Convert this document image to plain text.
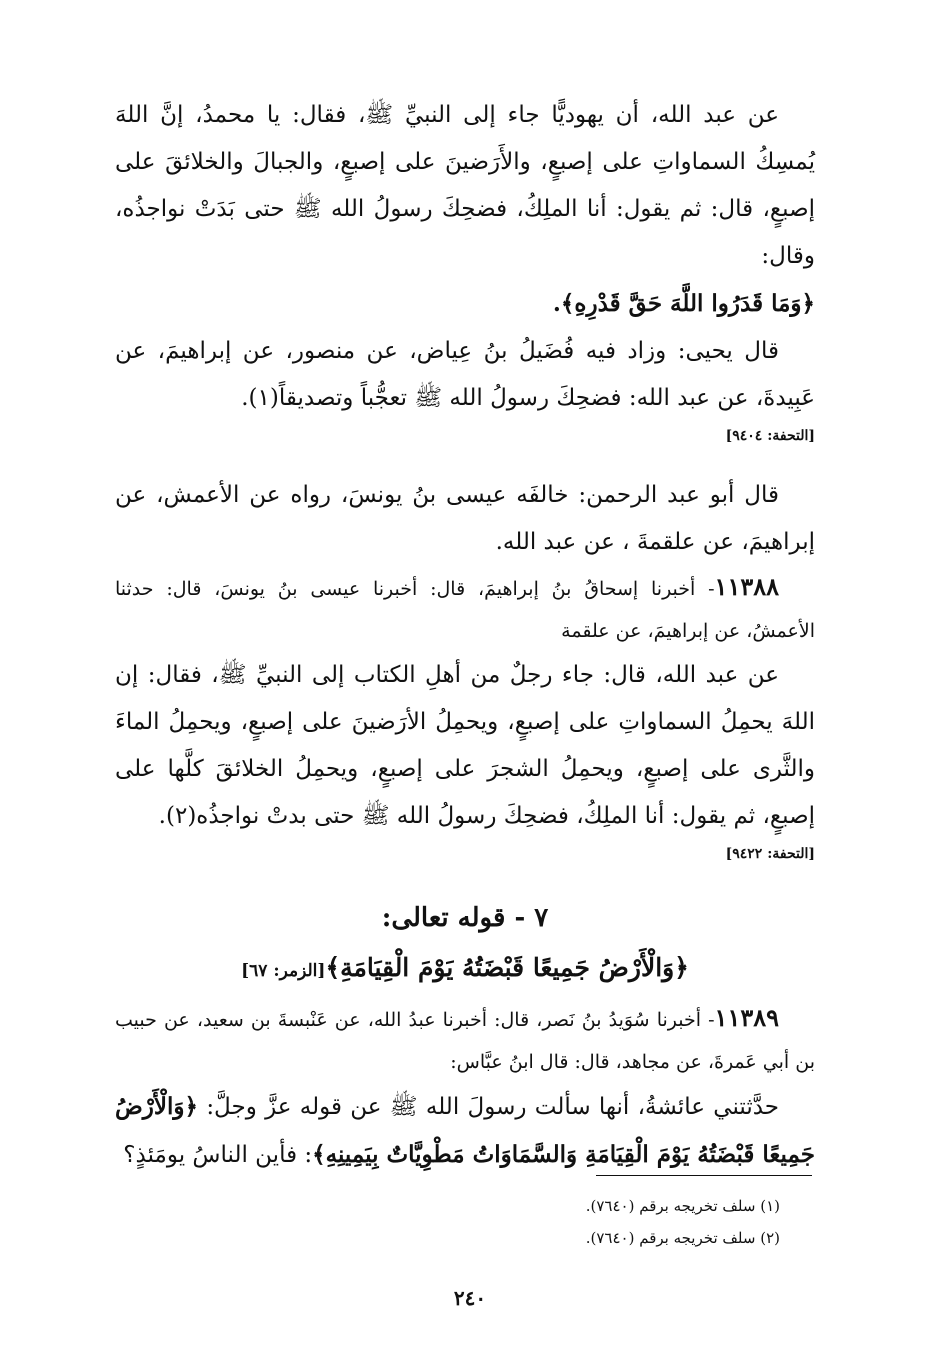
عن عبد الله، أن يهوديًّا جاء إلى النبيِّ ﷺ، فقال: يا محمدُ، إنَّ اللهَ يُمسِكُ السماواتِ على إصبعٍ، والأَرَضينَ على إصبعٍ، والجبالَ والخلائقَ على إصبعٍ، قال: ثم يقول: أنا الملِكُ، فضحِكَ رسولُ الله ﷺ حتى بَدَتْ نواجذُه، وقال:
﴿وَمَا قَدَرُوا اللَّهَ حَقَّ قَدْرِهِ﴾.

قال يحيى: وزاد فيه فُضَيلُ بنُ عِياض، عن منصور، عن إبراهيمَ، عن عَبِيدةَ، عن عبد الله: فضحِكَ رسولُ الله ﷺ تعجُّباً وتصديقاً(١).

[التحفة: ٩٤٠٤]

قال أبو عبد الرحمن: خالفَه عيسى بنُ يونسَ، رواه عن الأعمش، عن إبراهيمَ، عن علقمةَ ، عن عبد الله.

١١٣٨٨- أخبرنا إسحاقُ بنُ إبراهيمَ، قال: أخبرنا عيسى بنُ يونسَ، قال: حدثنا الأعمشُ، عن إبراهيمَ، عن علقمة

عن عبد الله، قال: جاء رجلٌ من أهلِ الكتاب إلى النبيِّ ﷺ، فقال: إن اللهَ يحمِلُ السماواتِ على إصبعٍ، ويحمِلُ الأرَضينَ على إصبعٍ، ويحمِلُ الماءَ والثَّرى على إصبعٍ، ويحمِلُ الشجرَ على إصبعٍ، ويحمِلُ الخلائقَ كلَّها على إصبعٍ، ثم يقول: أنا الملِكُ، فضحِكَ رسولُ الله ﷺ حتى بدتْ نواجذُه(٢).

[التحفة: ٩٤٢٢]
٧ - قوله تعالى:
﴿وَالْأَرْضُ جَمِيعًا قَبْضَتُهُ يَوْمَ الْقِيَامَةِ﴾[الزمر: ٦٧]

١١٣٨٩- أخبرنا سُوَيدُ بنُ نَصر، قال: أخبرنا عبدُ الله، عن عَنْبسةَ بن سعيد، عن حبيب بن أبي عَمرةَ، عن مجاهد، قال: قال ابنُ عبَّاس:

حدَّثتني عائشةُ، أنها سألت رسولَ الله ﷺ عن قوله عزَّ وجلَّ: ﴿وَالْأَرْضُ جَمِيعًا قَبْضَتُهُ يَوْمَ الْقِيَامَةِ وَالسَّمَاوَاتُ مَطْوِيَّاتٌ بِيَمِينِهِ﴾: فأين الناسُ يومَئذٍ؟

(١) سلف تخريجه برقم (٧٦٤٠).

(٢) سلف تخريجه برقم (٧٦٤٠).

٢٤٠
